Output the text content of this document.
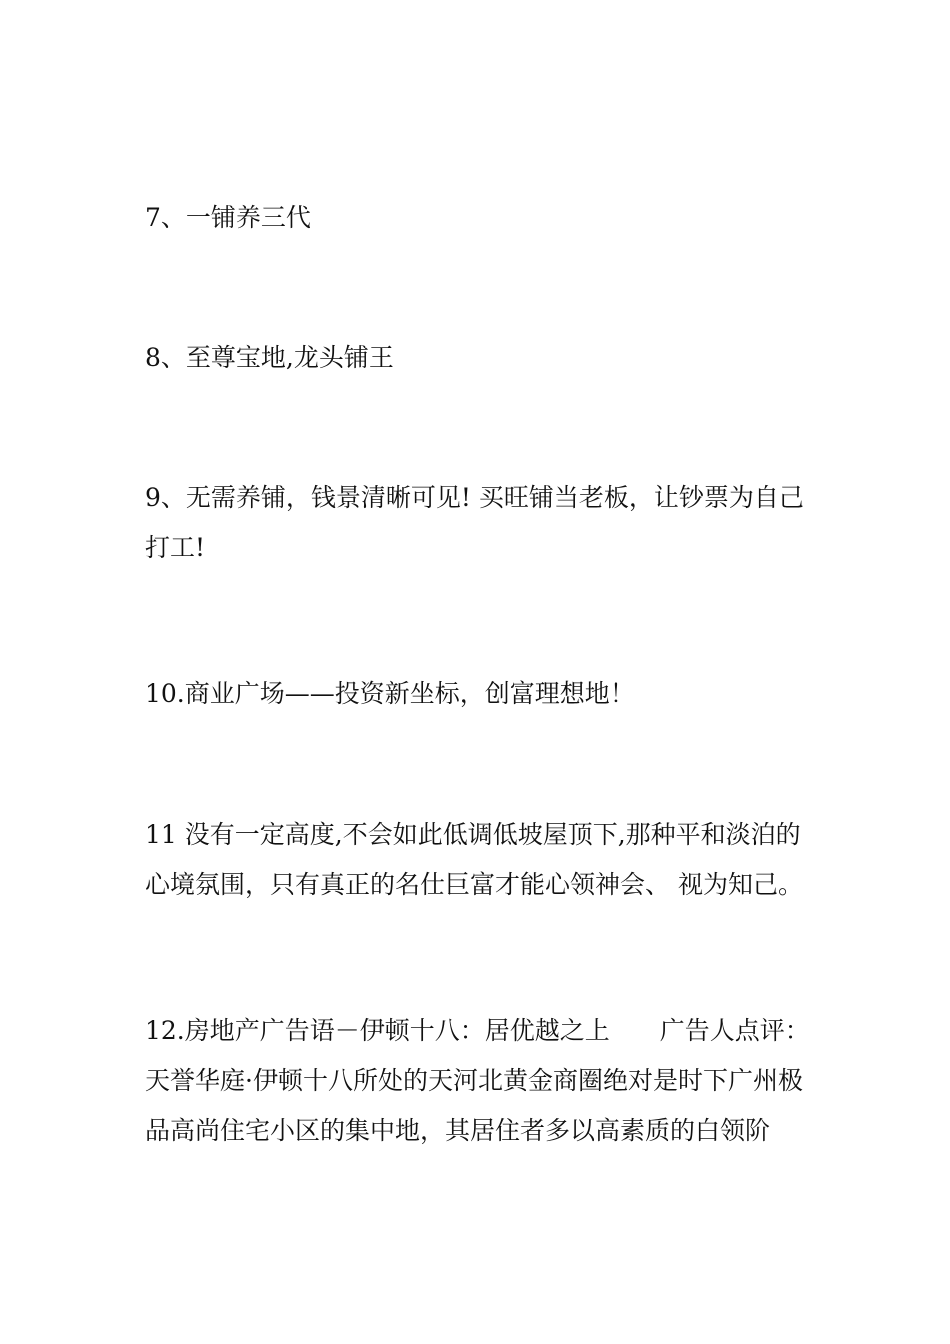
7、一铺养三代

8、至尊宝地,龙头铺王

9、无需养铺，钱景清晰可见! 买旺铺当老板，让钞票为自己打工!

10.商业广场——投资新坐标，创富理想地！

11 没有一定高度,不会如此低调低坡屋顶下,那种平和淡泊的心境氛围，只有真正的名仕巨富才能心领神会、 视为知己。

12.房地产广告语－伊顿十八：居优越之上　　广告人点评：天誉华庭·伊顿十八所处的天河北黄金商圈绝对是时下广州极品高尚住宅小区的集中地，其居住者多以高素质的白领阶
